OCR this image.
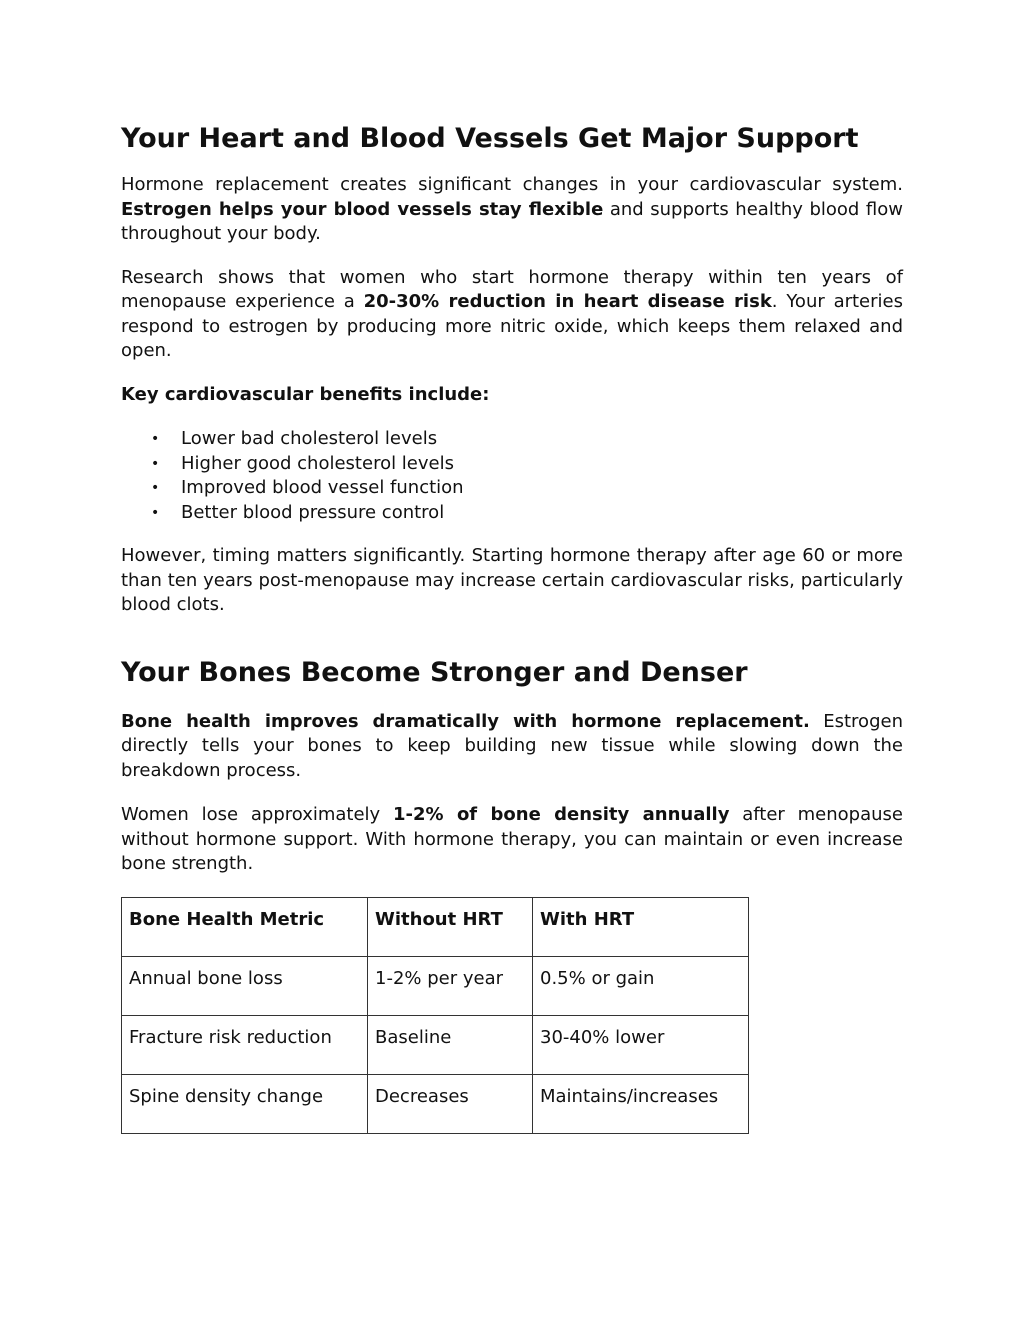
Your Heart and Blood Vessels Get Major Support

Hormone replacement creates significant changes in your cardiovascular system. Estrogen helps your blood vessels stay flexible and supports healthy blood flow throughout your body.

Research shows that women who start hormone therapy within ten years of menopause experience a 20-30% reduction in heart disease risk. Your arteries respond to estrogen by producing more nitric oxide, which keeps them relaxed and open.

Key cardiovascular benefits include:

• Lower bad cholesterol levels
• Higher good cholesterol levels
• Improved blood vessel function
• Better blood pressure control

However, timing matters significantly. Starting hormone therapy after age 60 or more than ten years post-menopause may increase certain cardiovascular risks, particularly blood clots.

Your Bones Become Stronger and Denser

Bone health improves dramatically with hormone replacement. Estrogen directly tells your bones to keep building new tissue while slowing down the breakdown process.

Women lose approximately 1-2% of bone density annually after menopause without hormone support. With hormone therapy, you can maintain or even increase bone strength.

Bone Health Metric	Without HRT	With HRT
Annual bone loss	1-2% per year	0.5% or gain
Fracture risk reduction	Baseline	30-40% lower
Spine density change	Decreases	Maintains/increases
